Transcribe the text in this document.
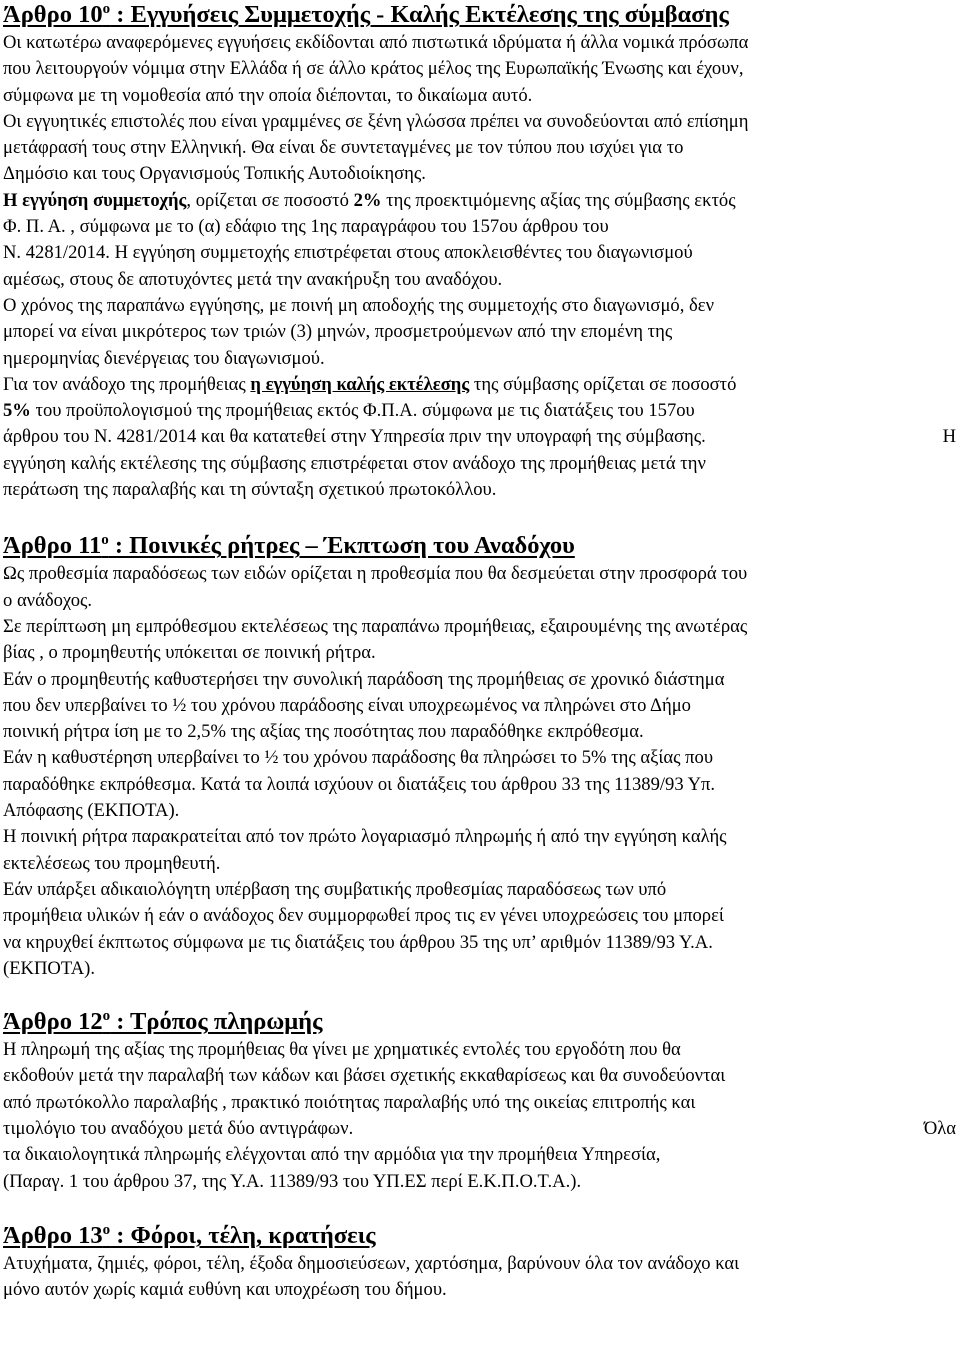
Άρθρο $10^o$ : Εγγυήσεις Συμμετοχής - Καλής Εκτέλεσης της σύμβασης

Οι κατωτέρω αναφερόμενες εγγυήσεις εκδίδονται από πιστωτικά ιδρύματα ή άλλα νομικά πρόσωπα
που λειτουργούν νόμιμα στην Ελλάδα ή σε άλλο κράτος μέλος της Ευρωπαϊκής Ένωσης και έχουν,
σύμφωνα με τη νομοθεσία από την οποία διέπονται, το δικαίωμα αυτό.

Οι εγγυητικές επιστολές που είναι γραμμένες σε ξένη γλώσσα πρέπει να συνοδεύονται από επίσημη
μετάφρασή τους στην Ελληνική. Θα είναι δε συντεταγμένες με τον τύπου που ισχύει για το
Δημόσιο και τους Οργανισμούς Τοπικής Αυτοδιοίκησης.

Η εγγύηση συμμετοχής, ορίζεται σε ποσοστό 2% της προεκτιμόμενης αξίας της σύμβασης εκτός
Φ. Π. Α. , σύμφωνα με το (α) εδάφιο της 1ης παραγράφου του 157ου άρθρου του
Ν. 4281/2014. Η εγγύηση συμμετοχής επιστρέφεται στους αποκλεισθέντες του διαγωνισμού
αμέσως, στους δε αποτυχόντες μετά την ανακήρυξη του αναδόχου.

Ο χρόνος της παραπάνω εγγύησης, με ποινή μη αποδοχής της συμμετοχής στο διαγωνισμό, δεν
μπορεί να είναι μικρότερος των τριών (3) μηνών, προσμετρούμενων από την επομένη της
ημερομηνίας διενέργειας του διαγωνισμού.

Για τον ανάδοχο της προμήθειας η εγγύηση καλής εκτέλεσης της σύμβασης ορίζεται σε ποσοστό
5% του προϋπολογισμού της προμήθειας εκτός Φ.Π.Α. σύμφωνα με τις διατάξεις του 157ου
άρθρου του Ν. 4281/2014 και θα κατατεθεί στην Υπηρεσία πριν την υπογραφή της σύμβασης.	Η
εγγύηση καλής εκτέλεσης της σύμβασης επιστρέφεται στον ανάδοχο της προμήθειας μετά την
περάτωση της παραλαβής και τη σύνταξη σχετικού πρωτοκόλλου.

Άρθρο $11^o$ : Ποινικές ρήτρες – Έκπτωση του Αναδόχου

Ως προθεσμία παραδόσεως των ειδών ορίζεται η προθεσμία που θα δεσμεύεται στην προσφορά του
ο ανάδοχος.
Σε περίπτωση μη εμπρόθεσμου εκτελέσεως της παραπάνω προμήθειας, εξαιρουμένης της ανωτέρας
βίας , ο προμηθευτής υπόκειται σε ποινική ρήτρα.
Εάν ο προμηθευτής καθυστερήσει την συνολική παράδοση της προμήθειας σε χρονικό διάστημα
που δεν υπερβαίνει το ½ του χρόνου παράδοσης είναι υποχρεωμένος να πληρώνει στο Δήμο
ποινική ρήτρα ίση με το 2,5% της αξίας της ποσότητας που παραδόθηκε εκπρόθεσμα.
Εάν η καθυστέρηση υπερβαίνει το ½ του χρόνου παράδοσης θα πληρώσει το 5% της αξίας που
παραδόθηκε εκπρόθεσμα. Κατά τα λοιπά ισχύουν οι διατάξεις του άρθρου 33 της 11389/93 Υπ.
Απόφασης (ΕΚΠΟΤΑ).
Η ποινική ρήτρα παρακρατείται από τον πρώτο λογαριασμό πληρωμής ή από την εγγύηση καλής
εκτελέσεως του προμηθευτή.
Εάν υπάρξει αδικαιολόγητη υπέρβαση της συμβατικής προθεσμίας παραδόσεως των υπό
προμήθεια υλικών ή εάν ο ανάδοχος δεν συμμορφωθεί προς τις εν γένει υποχρεώσεις του μπορεί
να κηρυχθεί έκπτωτος σύμφωνα με τις διατάξεις του άρθρου 35 της υπ’ αριθμόν 11389/93 Υ.Α.
(ΕΚΠΟΤΑ).

Άρθρο $12^o$ : Τρόπος πληρωμής

Η πληρωμή της αξίας της προμήθειας θα γίνει με χρηματικές εντολές του εργοδότη που θα
εκδοθούν μετά την παραλαβή των κάδων και βάσει σχετικής εκκαθαρίσεως και θα συνοδεύονται
από πρωτόκολλο παραλαβής , πρακτικό ποιότητας παραλαβής υπό της οικείας επιτροπής και
τιμολόγιο του αναδόχου μετά δύο αντιγράφων.	Όλα
τα δικαιολογητικά πληρωμής ελέγχονται από την αρμόδια για την προμήθεια Υπηρεσία,
(Παραγ. 1 του άρθρου 37, της Υ.Α. 11389/93 του ΥΠ.ΕΣ περί Ε.Κ.Π.Ο.Τ.Α.).

Άρθρο $13^o$ : Φόροι, τέλη, κρατήσεις

Ατυχήματα, ζημιές, φόροι, τέλη, έξοδα δημοσιεύσεων, χαρτόσημα, βαρύνουν όλα τον ανάδοχο και
μόνο αυτόν χωρίς καμιά ευθύνη και υποχρέωση του δήμου.
